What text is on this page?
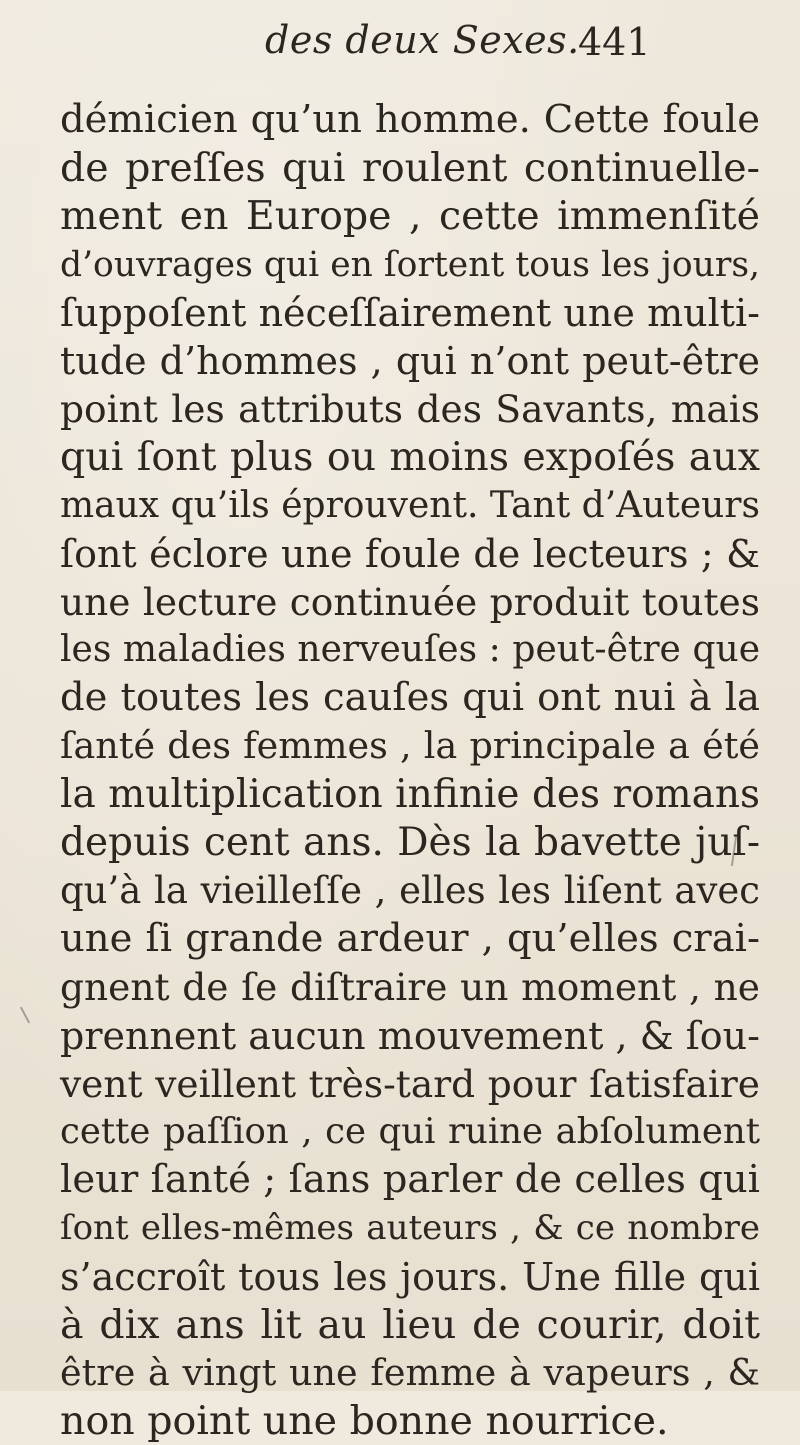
des deux Sexes.
441
démicien qu’un homme. Cette foule
de preſſes qui roulent continuelle-
ment en Europe , cette immenſité
d’ouvrages qui en ſortent tous les jours,
ſuppoſent néceſſairement une multi-
tude d’hommes , qui n’ont peut-être
point les attributs des Savants, mais
qui ſont plus ou moins expoſés aux
maux qu’ils éprouvent. Tant d’Auteurs
ſont éclore une foule de lecteurs ; &
une lecture continuée produit toutes
les maladies nerveuſes : peut-être que
de toutes les cauſes qui ont nui à la
ſanté des femmes , la principale a été
la multiplication infinie des romans
depuis cent ans. Dès la bavette juſ-
qu’à la vieilleſſe , elles les liſent avec
une ſi grande ardeur , qu’elles crai-
gnent de ſe diſtraire un moment , ne
prennent aucun mouvement , & ſou-
vent veillent très-tard pour ſatisfaire
cette paſſion , ce qui ruine abſolument
leur ſanté ; ſans parler de celles qui
ſont elles-mêmes auteurs , & ce nombre
s’accroît tous les jours. Une fille qui
à dix ans lit au lieu de courir, doit
être à vingt une femme à vapeurs , &
non point une bonne nourrice.
